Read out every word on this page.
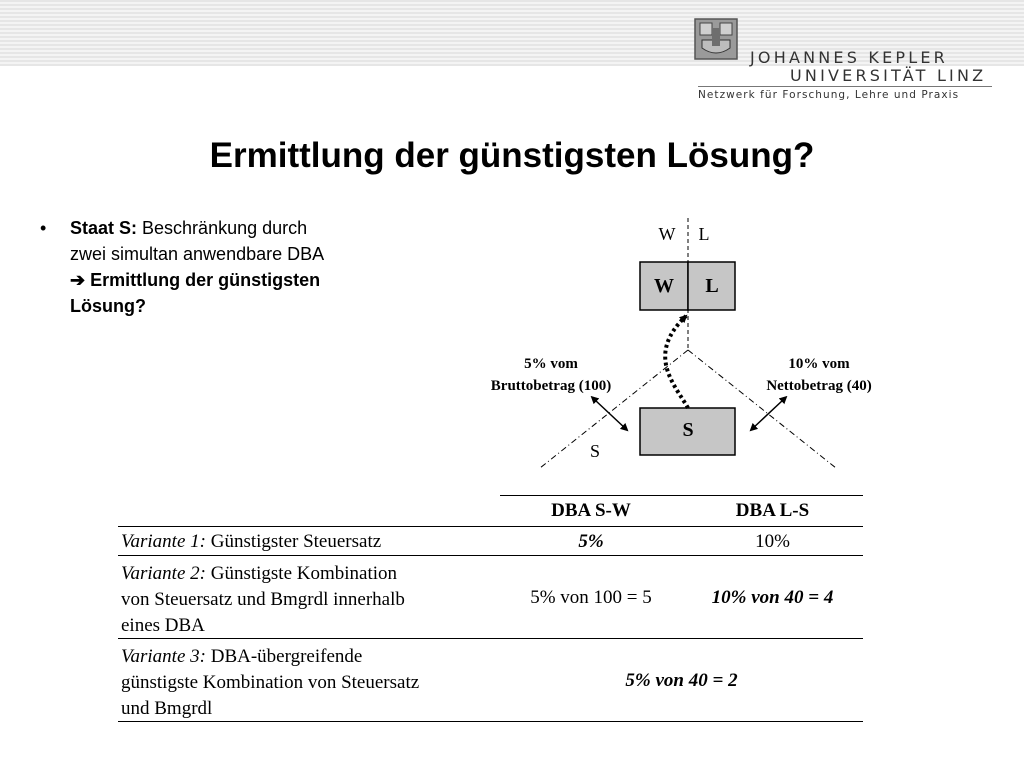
JOHANNES KEPLER
UNIVERSITÄT LINZ
Netzwerk für Forschung, Lehre und Praxis
Ermittlung der günstigsten Lösung?
• Staat S: Beschränkung durch
zwei simultan anwendbare DBA
➔ Ermittlung der günstigsten
Lösung?
W L
W L
S
S
5% vom
Bruttobetrag (100)
10% vom
Nettobetrag (40)
DBA S-W	DBA L-S
Variante 1: Günstigster Steuersatz	5%	10%
Variante 2: Günstigste Kombination
von Steuersatz und Bmgrdl innerhalb
eines DBA
5% von 100 = 5	10% von 40 = 4
Variante 3: DBA-übergreifende
günstigste Kombination von Steuersatz
und Bmgrdl
5% von 40 = 2
